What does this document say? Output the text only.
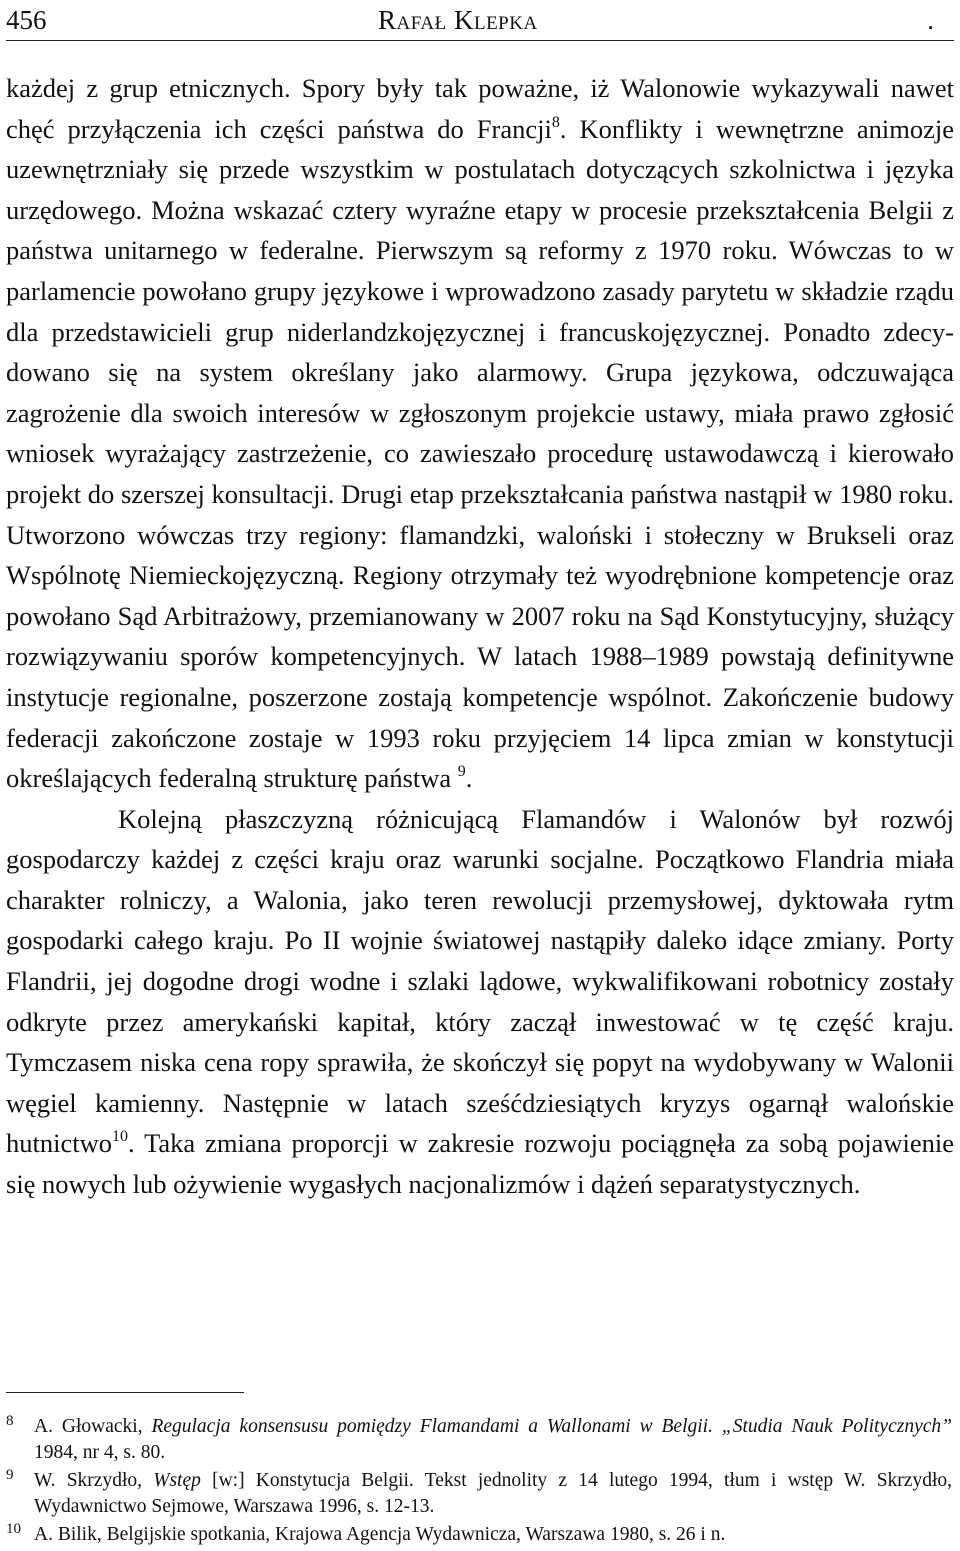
456	Rafał Klepka	.

każdej z grup etnicznych. Spory były tak poważne, iż Walonowie wykazywali nawet chęć przyłączenia ich części państwa do Francji$^8$. Konflikty i wewnętrzne animozje uzewnętrzniały się przede wszystkim w postulatach dotyczących szkolnictwa i języka urzędowego. Można wskazać cztery wyraźne etapy w procesie przekształcenia Belgii z państwa unitarnego w federalne. Pierwszym są reformy z 1970 roku. Wówczas to w parlamencie powołano grupy językowe i wprowadzono zasady parytetu w składzie rządu dla przedstawicieli grup niderlandzkojęzycznej i francuskojęzycznej. Ponadto zdecydowano się na system określany jako alarmowy. Grupa językowa, odczuwająca zagrożenie dla swoich interesów w zgłoszonym projekcie ustawy, miała prawo zgłosić wniosek wyrażający zastrzeżenie, co zawieszało procedurę ustawodawczą i kierowało projekt do szerszej konsultacji. Drugi etap przekształcania państwa nastąpił w 1980 roku. Utworzono wówczas trzy regiony: flamandzki, waloński i stołeczny w Brukseli oraz Wspólnotę Niemieckojęzyczną. Regiony otrzymały też wyodrębnione kompetencje oraz powołano Sąd Arbitrażowy, przemianowany w 2007 roku na Sąd Konstytucyjny, służący rozwiązywaniu sporów kompetencyjnych. W latach 1988–1989 powstają definitywne instytucje regionalne, poszerzone zostają kompetencje wspólnot. Zakończenie budowy federacji zakończone zostaje w 1993 roku przyjęciem 14 lipca zmian w konstytucji określających federalną strukturę państwa $^9$.

Kolejną płaszczyzną różnicującą Flamandów i Walonów był rozwój gospodarczy każdej z części kraju oraz warunki socjalne. Początkowo Flandria miała charakter rolniczy, a Walonia, jako teren rewolucji przemysłowej, dyktowała rytm gospodarki całego kraju. Po II wojnie światowej nastąpiły daleko idące zmiany. Porty Flandrii, jej dogodne drogi wodne i szlaki lądowe, wykwalifikowani robotnicy zostały odkryte przez amerykański kapitał, który zaczął inwestować w tę część kraju. Tymczasem niska cena ropy sprawiła, że skończył się popyt na wydobywany w Walonii węgiel kamienny. Następnie w latach sześćdziesiątych kryzys ogarnął walońskie hutnictwo$^{10}$. Taka zmiana proporcji w zakresie rozwoju pociągnęła za sobą pojawienie się nowych lub ożywienie wygasłych nacjonalizmów i dążeń separatystycznych.

8 A. Głowacki, Regulacja konsensusu pomiędzy Flamandami a Wallonami w Belgii. „Studia Nauk Politycznych” 1984, nr 4, s. 80.
9 W. Skrzydło, Wstęp [w:] Konstytucja Belgii. Tekst jednolity z 14 lutego 1994, tłum i wstęp W. Skrzydło, Wydawnictwo Sejmowe, Warszawa 1996, s. 12-13.
10 A. Bilik, Belgijskie spotkania, Krajowa Agencja Wydawnicza, Warszawa 1980, s. 26 i n.
